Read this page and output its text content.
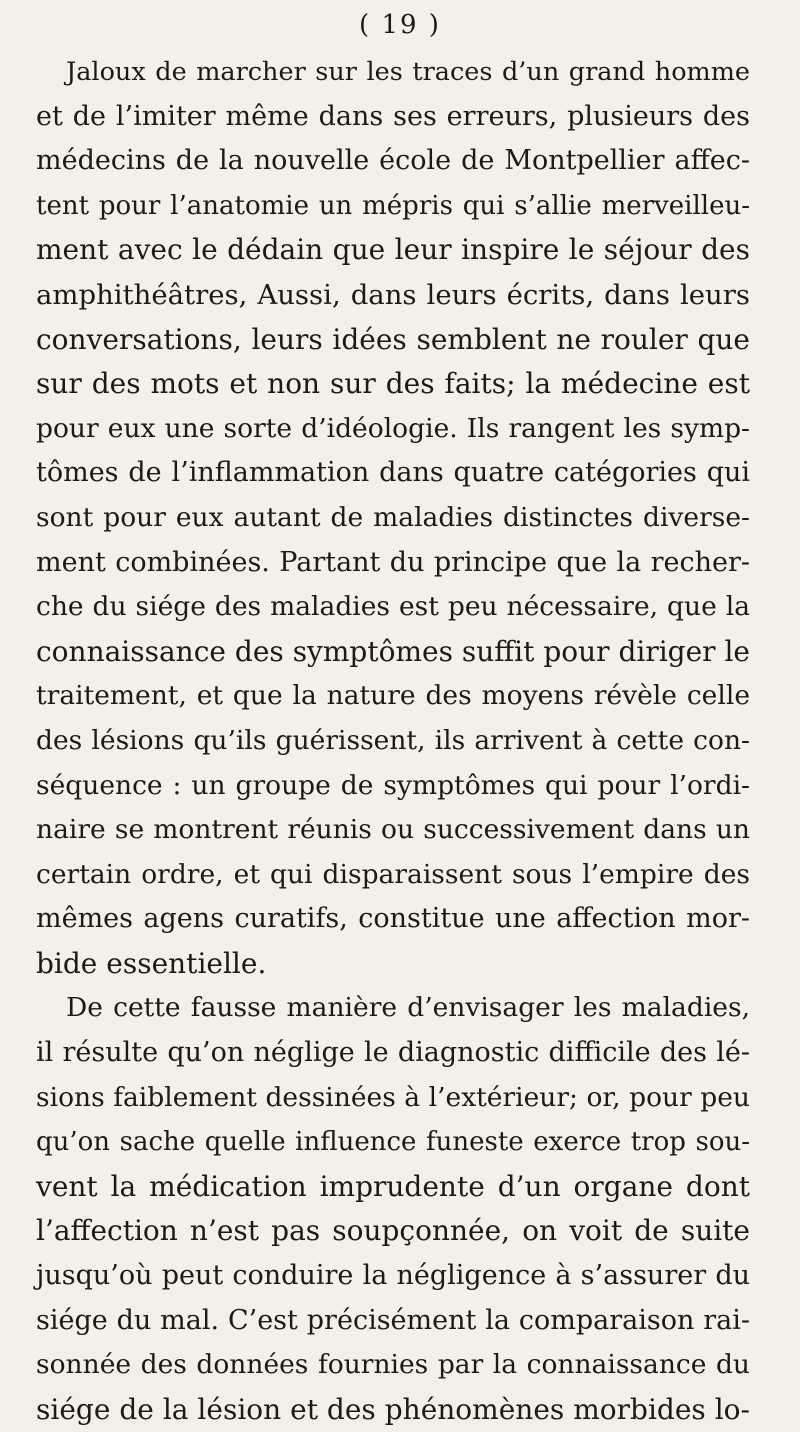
( 19 )
Jaloux de marcher sur les traces d’un grand homme
et de l’imiter même dans ses erreurs, plusieurs des
médecins de la nouvelle école de Montpellier affec-
tent pour l’anatomie un mépris qui s’allie merveilleu-
ment avec le dédain que leur inspire le séjour des
amphithéâtres, Aussi, dans leurs écrits, dans leurs
conversations, leurs idées semblent ne rouler que
sur des mots et non sur des faits; la médecine est
pour eux une sorte d’idéologie. Ils rangent les symp-
tômes de l’inflammation dans quatre catégories qui
sont pour eux autant de maladies distinctes diverse-
ment combinées. Partant du principe que la recher-
che du siége des maladies est peu nécessaire, que la
connaissance des symptômes suffit pour diriger le
traitement, et que la nature des moyens révèle celle
des lésions qu’ils guérissent, ils arrivent à cette con-
séquence : un groupe de symptômes qui pour l’ordi-
naire se montrent réunis ou successivement dans un
certain ordre, et qui disparaissent sous l’empire des
mêmes agens curatifs, constitue une affection mor-
bide essentielle.
De cette fausse manière d’envisager les maladies,
il résulte qu’on néglige le diagnostic difficile des lé-
sions faiblement dessinées à l’extérieur; or, pour peu
qu’on sache quelle influence funeste exerce trop sou-
vent la médication imprudente d’un organe dont
l’affection n’est pas soupçonnée, on voit de suite
jusqu’où peut conduire la négligence à s’assurer du
siége du mal. C’est précisément la comparaison rai-
sonnée des données fournies par la connaissance du
siége de la lésion et des phénomènes morbides lo-
